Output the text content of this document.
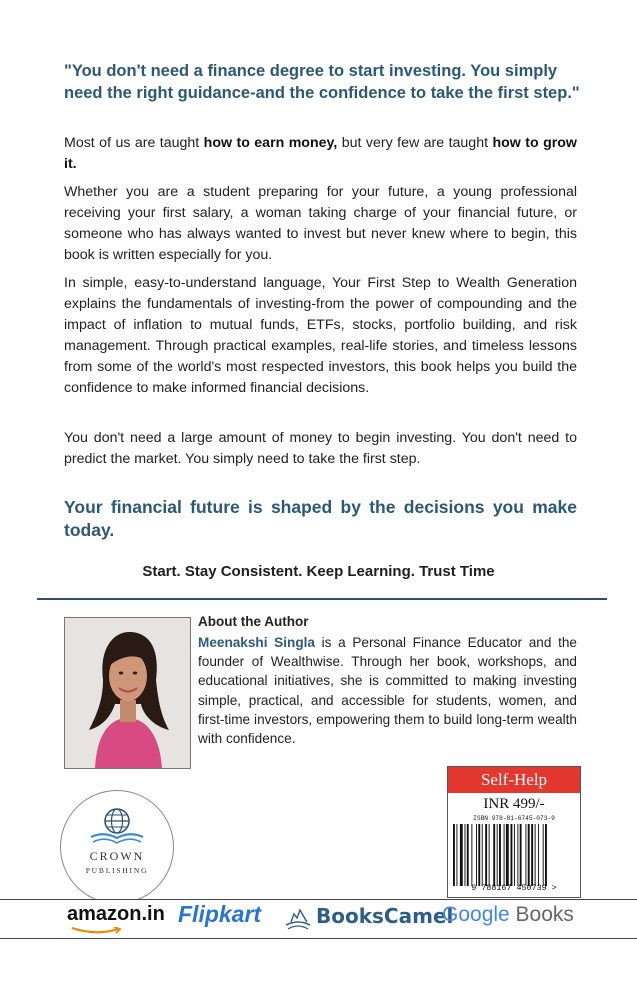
"You don't need a finance degree to start investing. You simply need the right guidance-and the confidence to take the first step."

Most of us are taught how to earn money, but very few are taught how to grow it.

Whether you are a student preparing for your future, a young professional receiving your first salary, a woman taking charge of your financial future, or someone who has always wanted to invest but never knew where to begin, this book is written especially for you.

In simple, easy-to-understand language, Your First Step to Wealth Generation explains the fundamentals of investing-from the power of compounding and the impact of inflation to mutual funds, ETFs, stocks, portfolio building, and risk management. Through practical examples, real-life stories, and timeless lessons from some of the world's most respected investors, this book helps you build the confidence to make informed financial decisions.

You don't need a large amount of money to begin investing. You don't need to predict the market. You simply need to take the first step.

Your financial future is shaped by the decisions you make today.

Start. Stay Consistent. Keep Learning. Trust Time
About the Author

Meenakshi Singla is a Personal Finance Educator and the founder of Wealthwise. Through her book, workshops, and educational initiatives, she is committed to making investing simple, practical, and accessible for students, women, and first-time investors, empowering them to build long-term wealth with confidence.

CROWN
PUBLISHING
Self-Help
INR 499/-
ISBN 978-81-6745-073-9
9 788167 450739 >
amazon.in Flipkart	BooksCamel
Google Books
